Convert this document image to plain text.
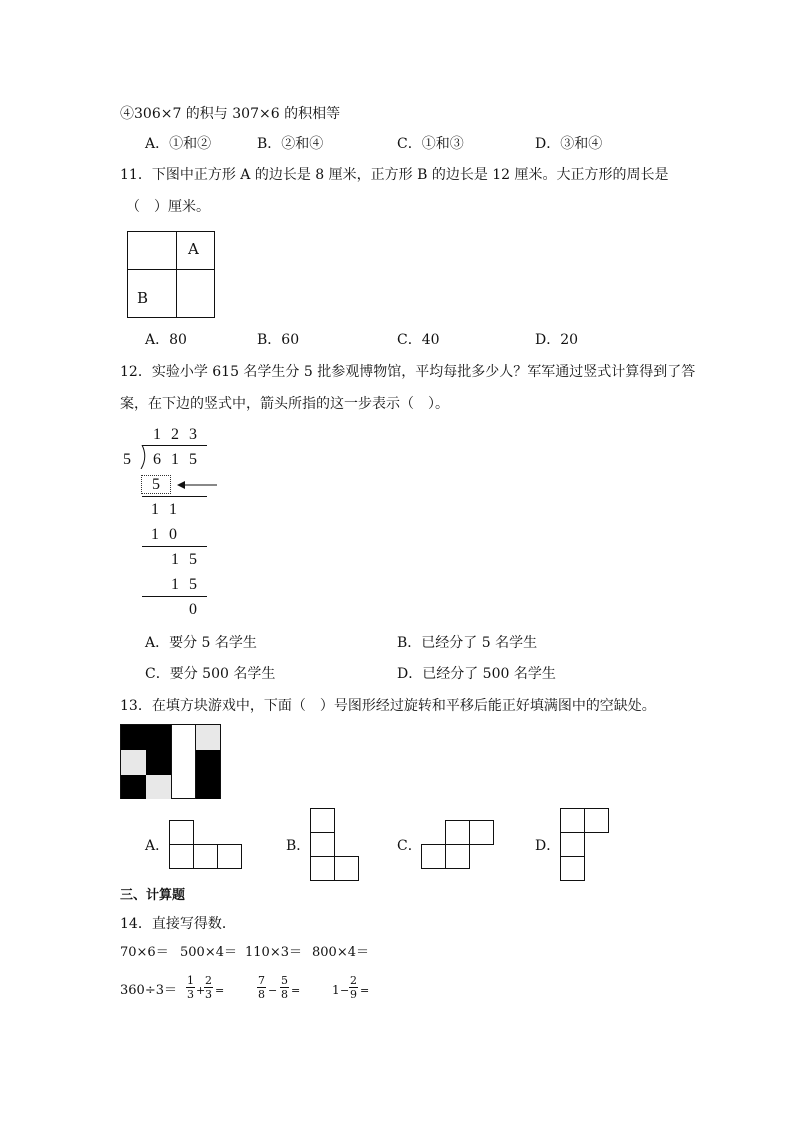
④306×7 的积与 307×6 的积相等
A．①和②	B．②和④	C．①和③	D．③和④
11．下图中正方形 A 的边长是 8 厘米，正方形 B 的边长是 12 厘米。大正方形的周长是
（　）厘米。
A
B
A．80	B．60	C．40	D．20
12．实验小学 615 名学生分 5 批参观博物馆，平均每批多少人？军军通过竖式计算得到了答
案，在下边的竖式中，箭头所指的这一步表示（　）。
1 2 3
5 6 1 5
5
1 1
1 0
1 5
1 5
0
A．要分 5 名学生	B．已经分了 5 名学生
C．要分 500 名学生	D．已经分了 500 名学生
13．在填方块游戏中，下面（　）号图形经过旋转和平移后能正好填满图中的空缺处。
A．	B．	C．	D．
三、计算题
14．直接写得数．
70×6＝ 500×4＝ 110×3＝ 800×4＝
$360\div 3= \frac{1}{3}$ +
$\frac{2}{3}$ =	$\frac{7}{8} - \frac{5}{8}$ =	$1 - \frac{2}{9}$ =
